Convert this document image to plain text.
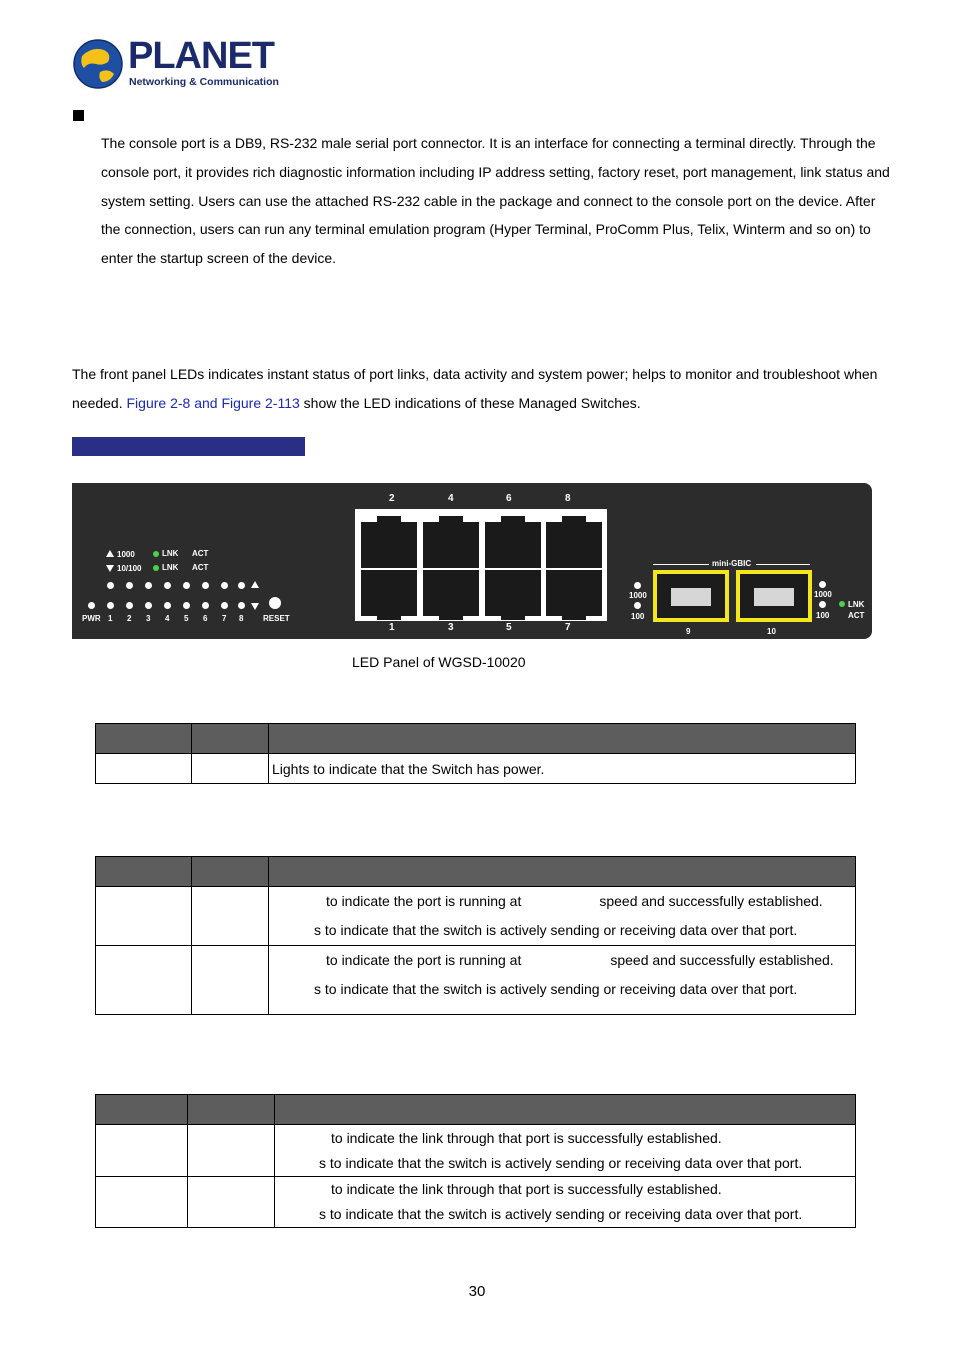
PLANET
Networking & Communication

The console port is a DB9, RS-232 male serial port connector. It is an interface for connecting a terminal directly. Through the console port, it provides rich diagnostic information including IP address setting, factory reset, port management, link status and system setting. Users can use the attached RS-232 cable in the package and connect to the console port on the device. After the connection, users can run any terminal emulation program (Hyper Terminal, ProComm Plus, Telix, Winterm and so on) to enter the startup screen of the device.

The front panel LEDs indicates instant status of port links, data activity and system power; helps to monitor and troubleshoot when needed. Figure 2-8 and Figure 2-113 show the LED indications of these Managed Switches.

1000
10/100
LNK ACT
LNK ACT
PWR 1 2 3 4 5 6 7 8 RESET
2	4	6	8
1	3	5	7
mini-GBIC
1000
100
9	10
1000
100
LNK
ACT
LED Panel of WGSD-10020

		Lights to indicate that the Switch has power.

		to indicate the port is running at speed and successfully established.
s to indicate that the switch is actively sending or receiving data over that port.

		to indicate the port is running at speed and successfully established.
s to indicate that the switch is actively sending or receiving data over that port.

		to indicate the link through that port is successfully established.
s to indicate that the switch is actively sending or receiving data over that port.

		to indicate the link through that port is successfully established.
s to indicate that the switch is actively sending or receiving data over that port.
30
